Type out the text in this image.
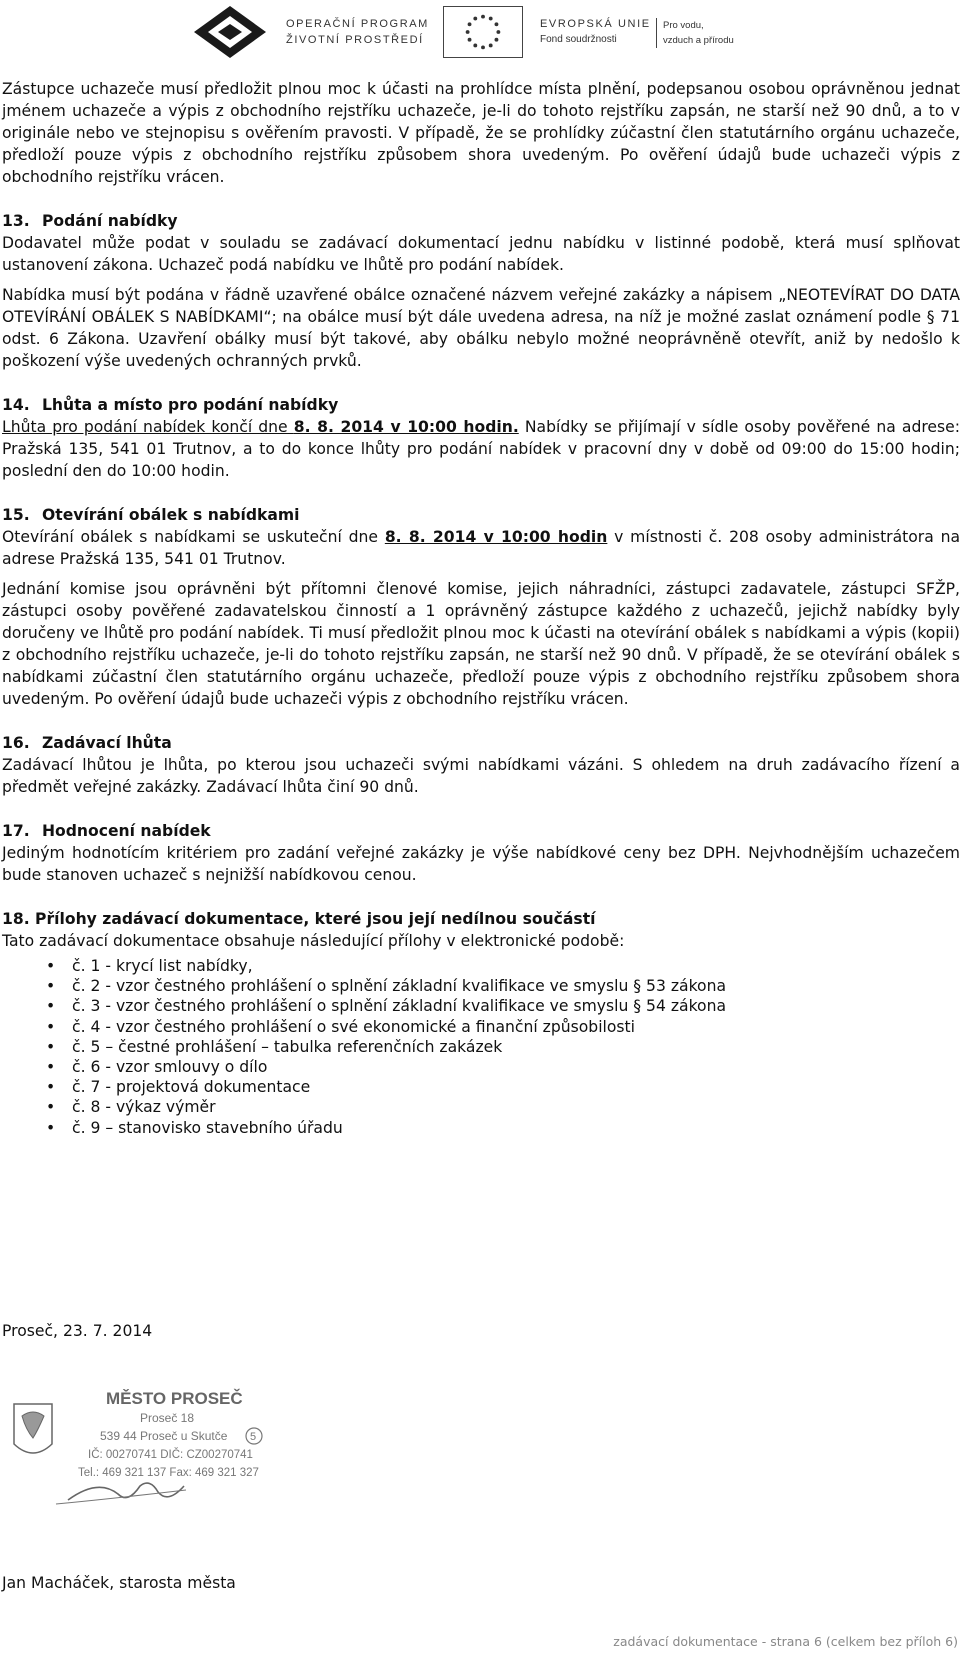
OPERAČNÍ PROGRAM
ŽIVOTNÍ PROSTŘEDÍ
EVROPSKÁ UNIE
Fond soudržnosti
Pro vodu,
vzduch a přírodu

Zástupce uchazeče musí předložit plnou moc k účasti na prohlídce místa plnění, podepsanou osobou oprávněnou jednat jménem uchazeče a výpis z obchodního rejstříku uchazeče, je-li do tohoto rejstříku zapsán, ne starší než 90 dnů, a to v originále nebo ve stejnopisu s ověřením pravosti. V případě, že se prohlídky zúčastní člen statutárního orgánu uchazeče, předloží pouze výpis z obchodního rejstříku způsobem shora uvedeným. Po ověření údajů bude uchazeči výpis z obchodního rejstříku vrácen.

13. Podání nabídky

Dodavatel může podat v souladu se zadávací dokumentací jednu nabídku v listinné podobě, která musí splňovat ustanovení zákona. Uchazeč podá nabídku ve lhůtě pro podání nabídek.

Nabídka musí být podána v řádně uzavřené obálce označené názvem veřejné zakázky a nápisem „NEOTEVÍRAT DO DATA OTEVÍRÁNÍ OBÁLEK S NABÍDKAMI“; na obálce musí být dále uvedena adresa, na níž je možné zaslat oznámení podle § 71 odst. 6 Zákona. Uzavření obálky musí být takové, aby obálku nebylo možné neoprávněně otevřít, aniž by nedošlo k poškození výše uvedených ochranných prvků.

14. Lhůta a místo pro podání nabídky

Lhůta pro podání nabídek končí dne 8. 8. 2014 v 10:00 hodin. Nabídky se přijímají v sídle osoby pověřené na adrese: Pražská 135, 541 01 Trutnov, a to do konce lhůty pro podání nabídek v pracovní dny v době od 09:00 do 15:00 hodin; poslední den do 10:00 hodin.

15. Otevírání obálek s nabídkami

Otevírání obálek s nabídkami se uskuteční dne 8. 8. 2014 v 10:00 hodin v místnosti č. 208 osoby administrátora na adrese Pražská 135, 541 01 Trutnov.

Jednání komise jsou oprávněni být přítomni členové komise, jejich náhradníci, zástupci zadavatele, zástupci SFŽP, zástupci osoby pověřené zadavatelskou činností a 1 oprávněný zástupce každého z uchazečů, jejichž nabídky byly doručeny ve lhůtě pro podání nabídek. Ti musí předložit plnou moc k účasti na otevírání obálek s nabídkami a výpis (kopii) z obchodního rejstříku uchazeče, je-li do tohoto rejstříku zapsán, ne starší než 90 dnů. V případě, že se otevírání obálek s nabídkami zúčastní člen statutárního orgánu uchazeče, předloží pouze výpis z obchodního rejstříku způsobem shora uvedeným. Po ověření údajů bude uchazeči výpis z obchodního rejstříku vrácen.

16. Zadávací lhůta

Zadávací lhůtou je lhůta, po kterou jsou uchazeči svými nabídkami vázáni. S ohledem na druh zadávacího řízení a předmět veřejné zakázky. Zadávací lhůta činí 90 dnů.

17. Hodnocení nabídek

Jediným hodnotícím kritériem pro zadání veřejné zakázky je výše nabídkové ceny bez DPH. Nejvhodnějším uchazečem bude stanoven uchazeč s nejnižší nabídkovou cenou.

18. Přílohy zadávací dokumentace, které jsou její nedílnou součástí

Tato zadávací dokumentace obsahuje následující přílohy v elektronické podobě:

• č. 1 - krycí list nabídky,
• č. 2 - vzor čestného prohlášení o splnění základní kvalifikace ve smyslu § 53 zákona
• č. 3 - vzor čestného prohlášení o splnění základní kvalifikace ve smyslu § 54 zákona
• č. 4 - vzor čestného prohlášení o své ekonomické a finanční způsobilosti
• č. 5 – čestné prohlášení – tabulka referenčních zakázek
• č. 6 - vzor smlouvy o dílo
• č. 7 - projektová dokumentace
• č. 8 - výkaz výměr
• č. 9 – stanovisko stavebního úřadu
Proseč, 23. 7. 2014
MĚSTO PROSEČ
Proseč 18
539 44 Proseč u Skutče 5
IČ: 00270741 DIČ: CZ00270741
Tel.: 469 321 137 Fax: 469 321 327
Jan Macháček, starosta města
zadávací dokumentace - strana 6 (celkem bez příloh 6)
